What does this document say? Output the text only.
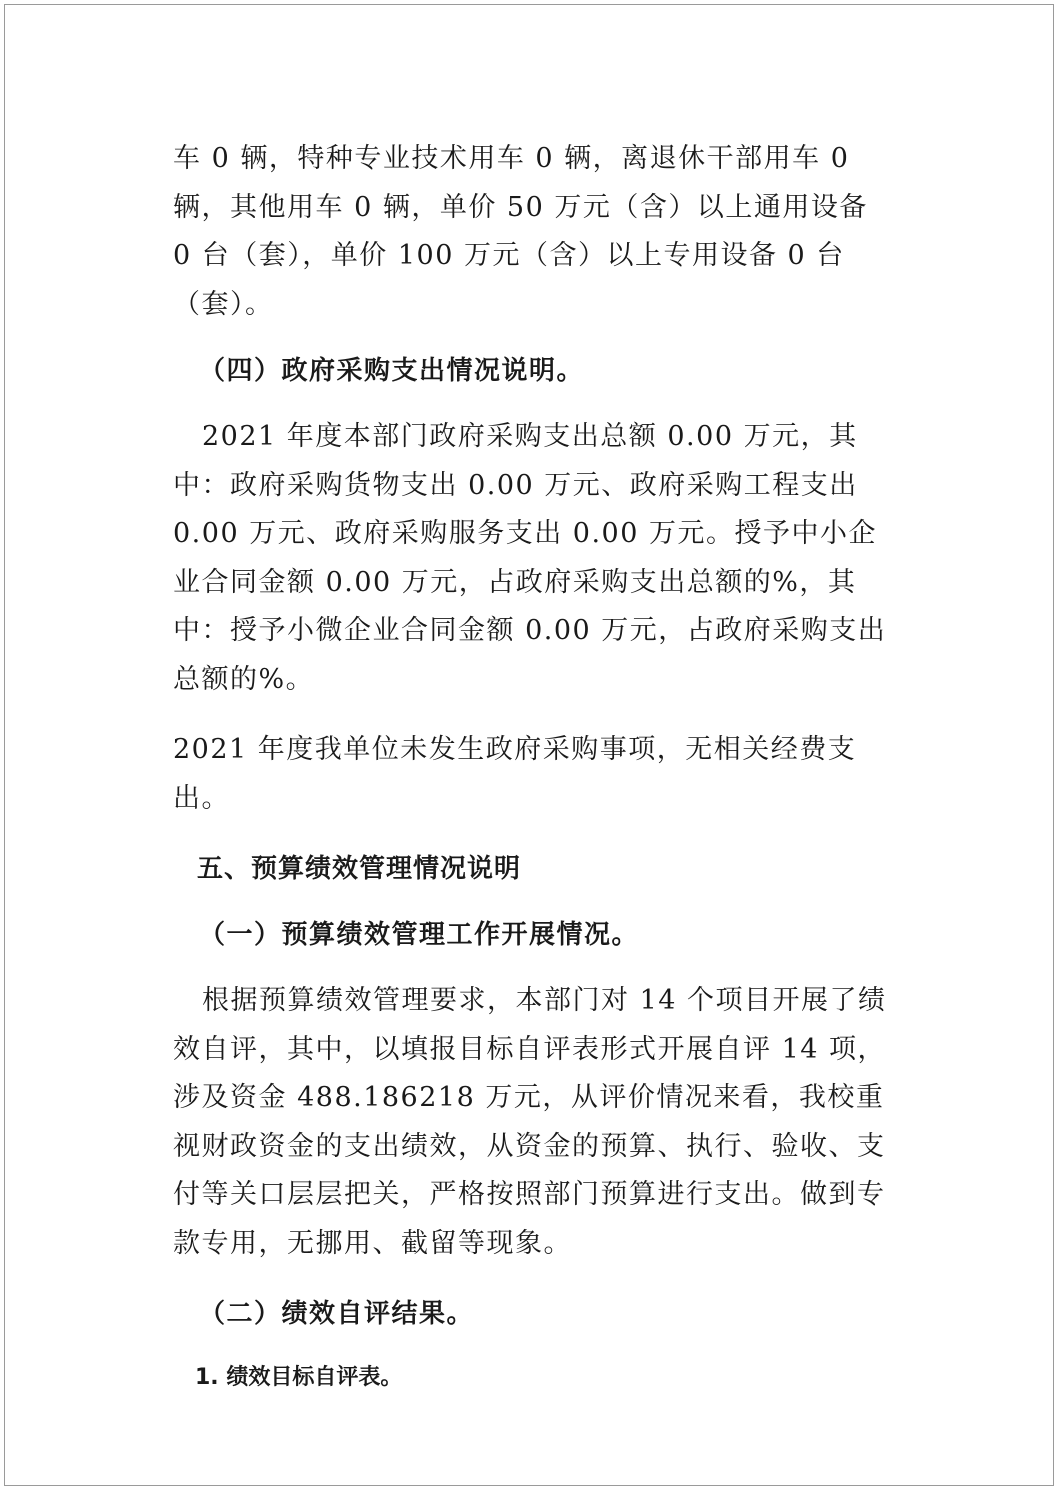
车 0 辆，特种专业技术用车 0 辆，离退休干部用车 0 辆，其他用车 0 辆，单价 50 万元（含）以上通用设备 0 台（套），单价 100 万元（含）以上专用设备 0 台（套）。

（四）政府采购支出情况说明。

2021 年度本部门政府采购支出总额 0.00 万元，其中：政府采购货物支出 0.00 万元、政府采购工程支出 0.00 万元、政府采购服务支出 0.00 万元。授予中小企业合同金额 0.00 万元，占政府采购支出总额的%，其中：授予小微企业合同金额 0.00 万元，占政府采购支出总额的%。

2021 年度我单位未发生政府采购事项，无相关经费支出。

五、预算绩效管理情况说明

（一）预算绩效管理工作开展情况。

根据预算绩效管理要求，本部门对 14 个项目开展了绩效自评，其中，以填报目标自评表形式开展自评 14 项，涉及资金 488.186218 万元，从评价情况来看，我校重视财政资金的支出绩效，从资金的预算、执行、验收、支付等关口层层把关，严格按照部门预算进行支出。做到专款专用，无挪用、截留等现象。

（二）绩效自评结果。

1. 绩效目标自评表。
